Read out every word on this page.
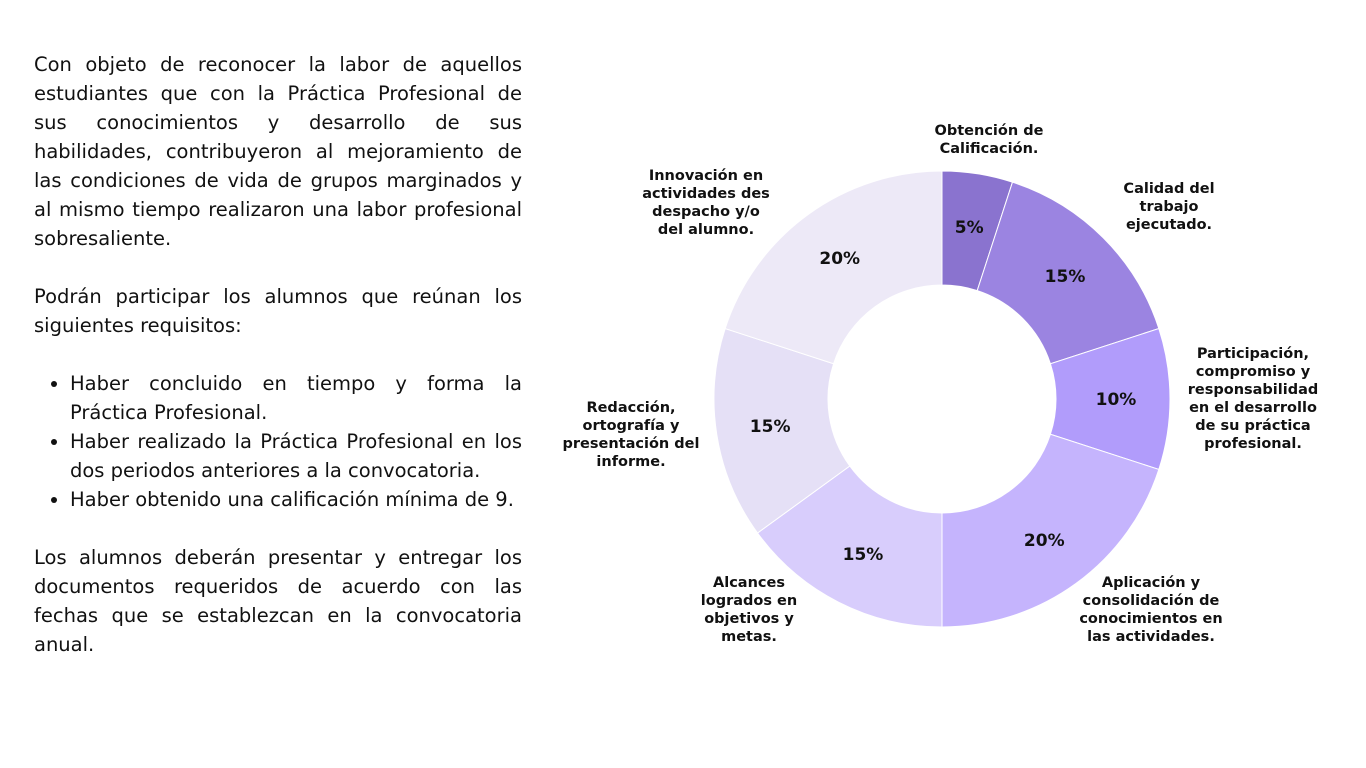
Con objeto de reconocer la labor de aquellos estudiantes que con la Práctica Profesional de sus conocimientos y desarrollo de sus habilidades, contribuyeron al mejoramiento de las condiciones de vida de grupos marginados y al mismo tiempo realizaron una labor profesional sobresaliente.

Podrán participar los alumnos que reúnan los siguientes requisitos:

• Haber concluido en tiempo y forma la Práctica Profesional.
• Haber realizado la Práctica Profesional en los dos periodos anteriores a la convocatoria.
• Haber obtenido una calificación mínima de 9.

Los alumnos deberán presentar y entregar los documentos requeridos de acuerdo con las fechas que se establezcan en la convocatoria anual.

5%
Obtención de Calificación.
15%
Calidad del trabajo ejecutado.
10%
Participación, compromiso y responsabilidad en el desarrollo de su práctica profesional.
20%
Aplicación y consolidación de conocimientos en las actividades.
15%
Alcances logrados en objetivos y metas.
15%
Redacción, ortografía y presentación del informe.
20%
Innovación en actividades des despacho y/o del alumno.
